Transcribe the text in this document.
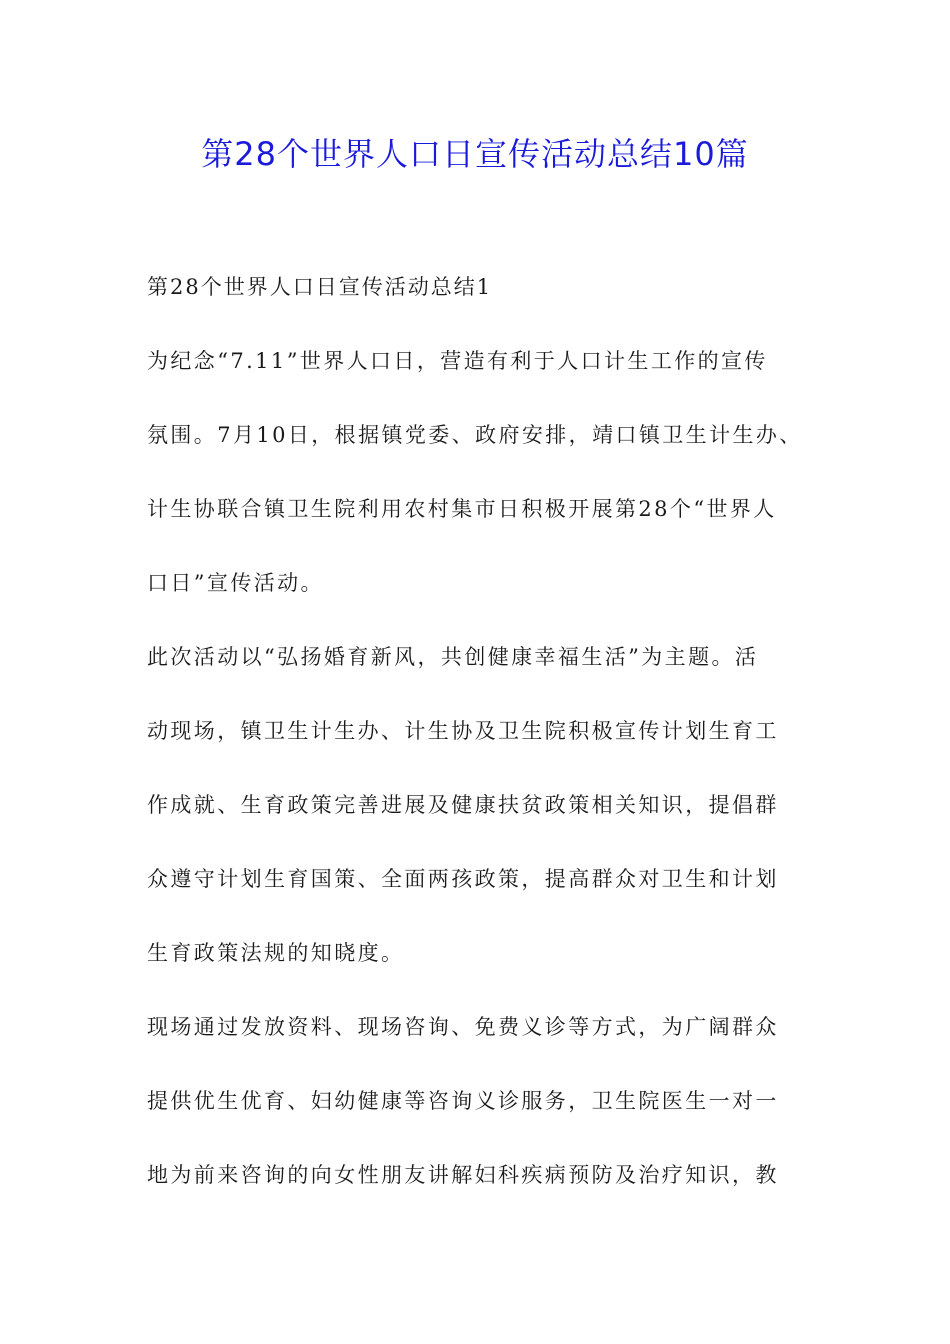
第28个世界人口日宣传活动总结10篇
第28个世界人口日宣传活动总结1
为纪念“7.11”世界人口日，营造有利于人口计生工作的宣传
氛围。7月10日，根据镇党委、政府安排，靖口镇卫生计生办、
计生协联合镇卫生院利用农村集市日积极开展第28个“世界人
口日”宣传活动。
此次活动以“弘扬婚育新风，共创健康幸福生活”为主题。活
动现场，镇卫生计生办、计生协及卫生院积极宣传计划生育工
作成就、生育政策完善进展及健康扶贫政策相关知识，提倡群
众遵守计划生育国策、全面两孩政策，提高群众对卫生和计划
生育政策法规的知晓度。
现场通过发放资料、现场咨询、免费义诊等方式，为广阔群众
提供优生优育、妇幼健康等咨询义诊服务，卫生院医生一对一
地为前来咨询的向女性朋友讲解妇科疾病预防及治疗知识，教
